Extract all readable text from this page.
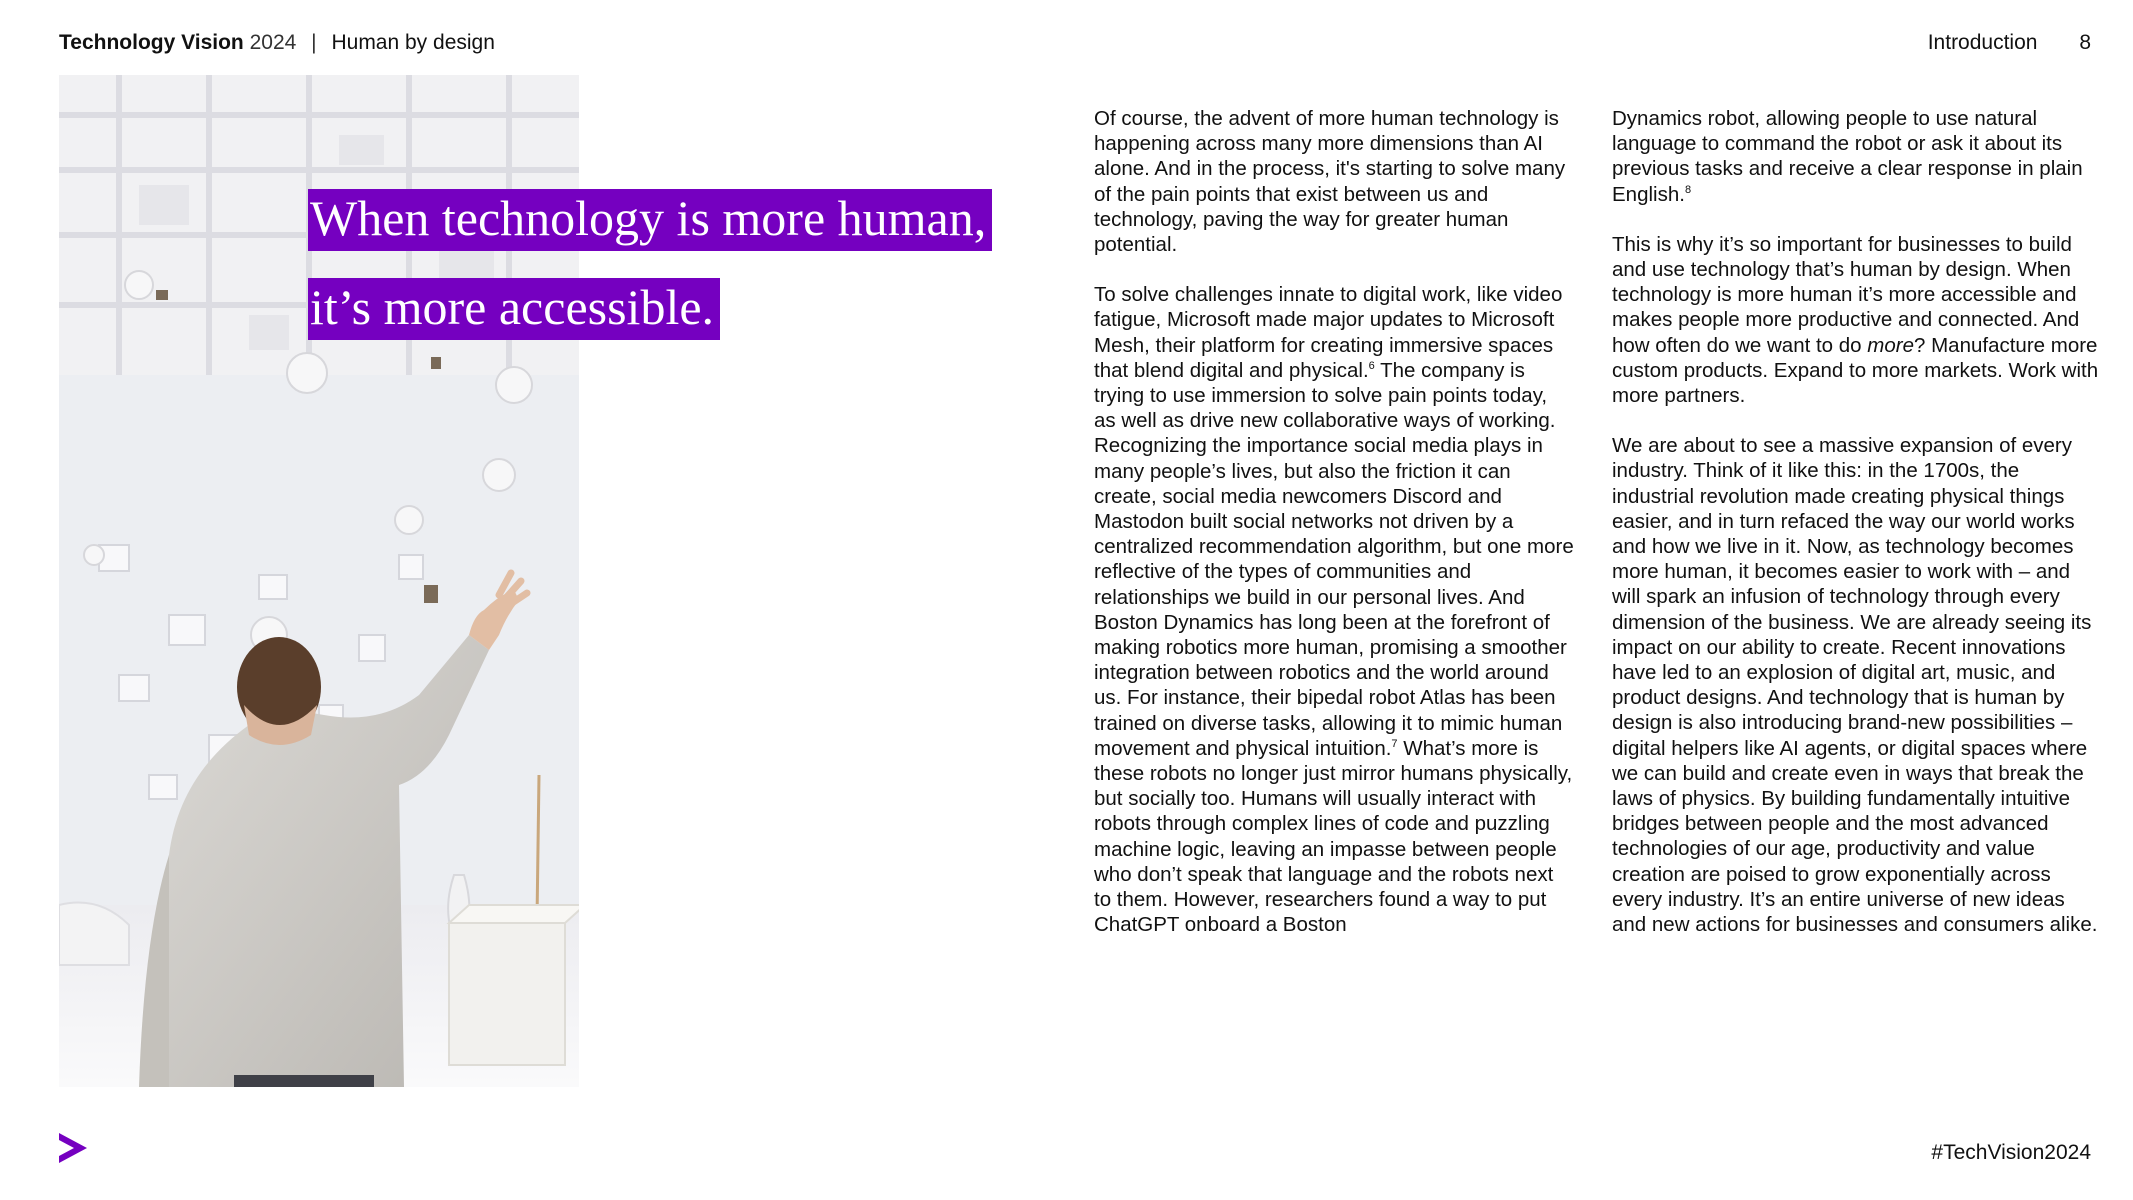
Technology Vision 2024 | Human by design	Introduction 8
When technology is more human,
it’s more accessible.

Of course, the advent of more human technology is happening across many more dimensions than AI alone. And in the process, it's starting to solve many of the pain points that exist between us and technology, paving the way for greater human potential.

To solve challenges innate to digital work, like video fatigue, Microsoft made major updates to Microsoft Mesh, their platform for creating immersive spaces that blend digital and physical.$^6$ The company is trying to use immersion to solve pain points today, as well as drive new collaborative ways of working. Recognizing the importance social media plays in many people’s lives, but also the friction it can create, social media newcomers Discord and Mastodon built social networks not driven by a centralized recommendation algorithm, but one more reflective of the types of communities and relationships we build in our personal lives. And Boston Dynamics has long been at the forefront of making robotics more human, promising a smoother integration between robotics and the world around us. For instance, their bipedal robot Atlas has been trained on diverse tasks, allowing it to mimic human movement and physical intuition.$^7$ What’s more is these robots no longer just mirror humans physically, but socially too. Humans will usually interact with robots through complex lines of code and puzzling machine logic, leaving an impasse between people who don’t speak that language and the robots next to them. However, researchers found a way to put ChatGPT onboard a Boston

Dynamics robot, allowing people to use natural language to command the robot or ask it about its previous tasks and receive a clear response in plain English.$^8$

This is why it’s so important for businesses to build and use technology that’s human by design. When technology is more human it’s more accessible and makes people more productive and connected. And how often do we want to do more? Manufacture more custom products. Expand to more markets. Work with more partners.

We are about to see a massive expansion of every industry. Think of it like this: in the 1700s, the industrial revolution made creating physical things easier, and in turn refaced the way our world works and how we live in it. Now, as technology becomes more human, it becomes easier to work with – and will spark an infusion of technology through every dimension of the business. We are already seeing its impact on our ability to create. Recent innovations have led to an explosion of digital art, music, and product designs. And technology that is human by design is also introducing brand-new possibilities – digital helpers like AI agents, or digital spaces where we can build and create even in ways that break the laws of physics. By building fundamentally intuitive bridges between people and the most advanced technologies of our age, productivity and value creation are poised to grow exponentially across every industry. It’s an entire universe of new ideas and new actions for businesses and consumers alike.

#TechVision2024
